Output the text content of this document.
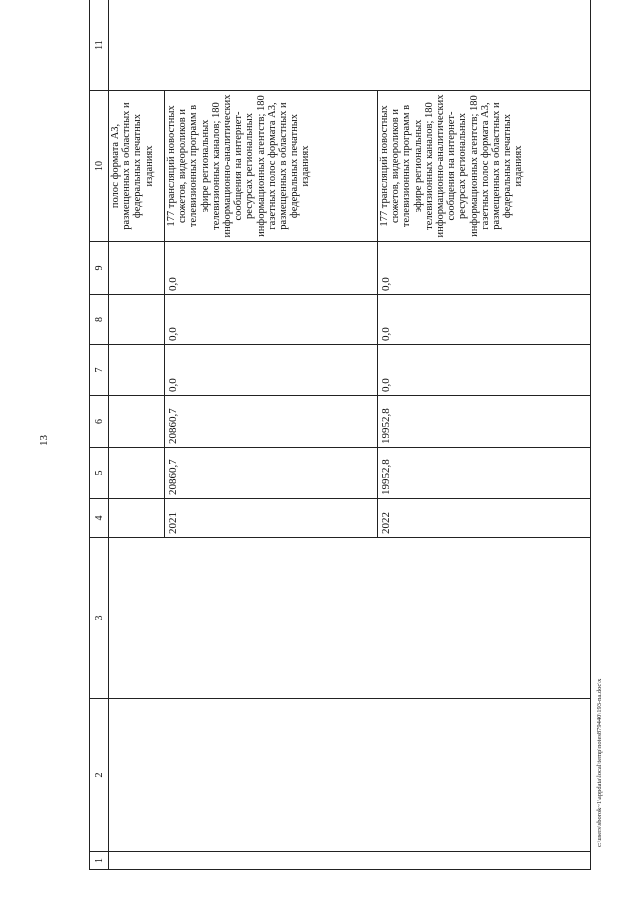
13
1	2	3	4	5	6	7	8	9	10	11

									полос формата А3, размещенных в областных и федеральных печатных изданиях	

			2021	20860,7	20860,7	0,0	0,0	0,0	177 трансляций новостных сюжетов, видеороликов и телевизионных программ в эфире региональных телевизионных каналов; 180 информационно-аналитических сообщения на интернет-ресурсах региональных информационных агентств; 180 газетных полос формата А3, размещенных в областных и федеральных печатных изданиях	

			2022	19952,8	19952,8	0,0	0,0	0,0	177 трансляций новостных сюжетов, видеороликов и телевизионных программ в эфире региональных телевизионных каналов; 180 информационно-аналитических сообщения на интернет-ресурсах региональных информационных агентств; 180 газетных полос формата А3, размещенных в областных и федеральных печатных изданиях	
c:\users\sborok~1\appdata\local\temp\notes879440\193-na.doc\x
